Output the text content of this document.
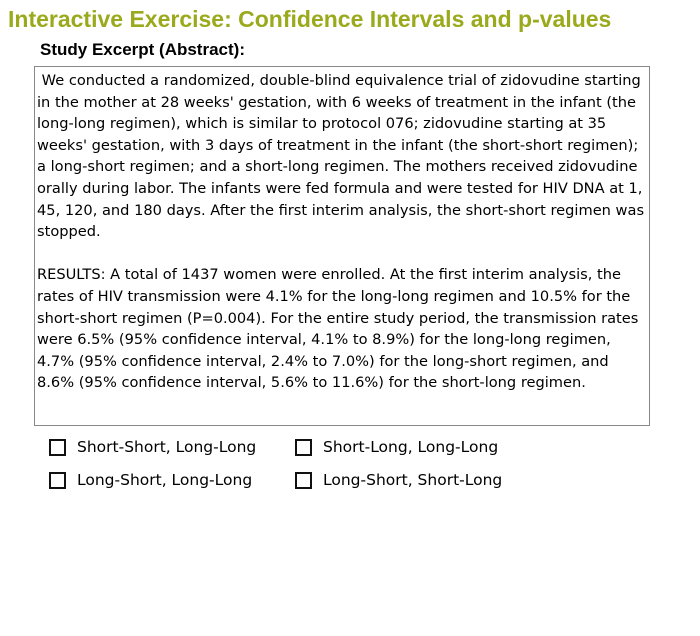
Interactive Exercise: Confidence Intervals and p-values
Study Excerpt (Abstract):

We conducted a randomized, double-blind equivalence trial of zidovudine starting in the mother at 28 weeks' gestation, with 6 weeks of treatment in the infant (the long-long regimen), which is similar to protocol 076; zidovudine starting at 35 weeks' gestation, with 3 days of treatment in the infant (the short-short regimen); a long-short regimen; and a short-long regimen. The mothers received zidovudine orally during labor. The infants were fed formula and were tested for HIV DNA at 1, 45, 120, and 180 days. After the first interim analysis, the short-short regimen was stopped.

RESULTS: A total of 1437 women were enrolled. At the first interim analysis, the rates of HIV transmission were 4.1% for the long-long regimen and 10.5% for the short-short regimen (P=0.004). For the entire study period, the transmission rates were 6.5% (95% confidence interval, 4.1% to 8.9%) for the long-long regimen, 4.7% (95% confidence interval, 2.4% to 7.0%) for the long-short regimen, and 8.6% (95% confidence interval, 5.6% to 11.6%) for the short-long regimen.

Short-Short, Long-Long	Short-Long, Long-Long
Long-Short, Long-Long	Long-Short, Short-Long
